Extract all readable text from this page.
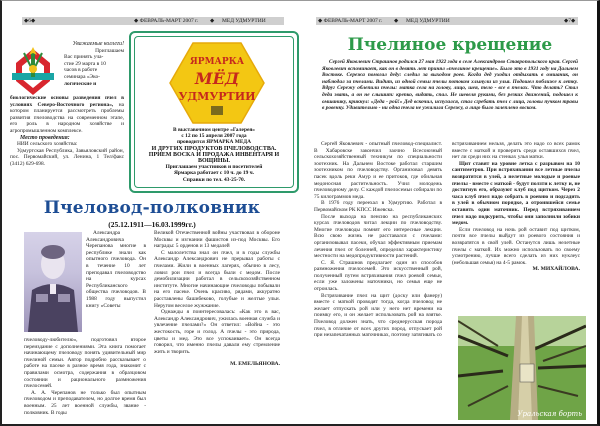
◆6◆	◆ ФЕВРАЛЬ-МАРТ 2007 г. ◆ МЕД УДМУРТИИ
Уважаемые коллеги!
Приглашаем
Вас принять уча-
стие 29 марта в 10
часов в работе
семинара «Эко-
логические и
биологические основы разведения пчел в условиях Северо-Восточного региона», на котором планируется рассмотреть проблемы развития пчеловодства на современном этапе, его роль в народном хозяйстве и агропромышленном комплексе.
Место проведения:

НИИ сельского хозяйства:

Удмуртская Республика, Завьяловский район, пос. Первомайский, ул. Ленина, 1 Тел/факс (3412) 629-698.

ЯРМАРКА
МЁД
УДМУРТИИ
В выставочном центре «Галерея»
с 12 по 15 апреля 2007 года
проводится ЯРМАРКА МЕДА
И ДРУГИХ ПРОДУКТОВ ПЧЕЛОВОДСТВА.
ПРИЕМ ВОСКА И ПРОДАЖА ИНВЕНТАРЯ И
ВОЩИНЫ.
Приглашаем участников и посетителей
Ярмарка работает с 10 ч. до 19 ч.
Справки по тел. 43-25-70.
Пчеловод-полковник
(25.12.1911—16.03.1999гг.)

Александра Александровича Черепанова многие в республике знали как опытного пчеловода. Он в течение 10 лет преподавал пчеловодство на курсах Республиканского общества пчеловодов. В 1988 году выпустил книгу «Советы

пчеловоду-любителю», подготовил второе переиздание с дополнениями. Эта книга помогает начинающему пчеловоду понять удивительный мир пчелиной семьи. Автор подробно рассказывает о работе на пасеке в разное время года, знакомит с правилами осмотра, содержания в образцовом состоянии и рационального размножения пчелосемей.

А. А. Черепанов не только был опытным пчеловодом и преподавателем, но долгое время был военным. 25 лет военной службы, звание - полковник. В годы

Великой Отечественной войны участвовал в обороне Москвы и изгнании фашистов из-под Москвы. Его награды: 5 орденов и 13 медалей

С малолетства знал он пчел, и в годы службы Александр Александрович не прерывал работы с пчелами. Жили в военных лагерях, обычно в лесу, ловил рои пчел и всегда были с медом. После демобилизации работал в сельскохозяйственном институте. Многие начинающие пчеловоды побывали на его пасеке. Очень красиво, рядами, аккуратно расставлены башибеково, голубые и желтые ульи. Неругом веселое жужжание.

Однажды я поинтересовалась: «Как это в вас, Александр Александрович, ужилась военная служба и увлечение пчелами?» Он ответил: «Война - это жестокость, горе и голод. А пчелы - это природа, цветы и мед. Это все успокаивает». Он всегда говорил, что именно пчелы давали ему стремление жить и творить.

М. ЕМЕЛЬЯНОВА.
◆ ФЕВРАЛЬ-МАРТ 2007 г. ◆ МЕД УДМУРТИИ	◆7◆
Пчелиное крещение

Сергей Яковлевич Страшнов родился 27 мая 1922 года в селе Александрово Ставропольского края. Сергей Яковлевич вспоминает, как он в девять лет принял «пчелиное крещение». Было это в 1931 году на Дальнем Востоке. Сережа помогал деду: следил за выходом роев. Когда дед уходил отдыхать в омшаник, он наблюдал за пчелами. Видит, из одной семьи пчелы потоком хлынули из улья. Подошел поближе к летку. Вдруг Сережу облепили пчелы: матка села на голову, лицо, шея, тело - все в пчелах. Что делать? Стал деда звать, а он не слышит: крепко, видать, спал. Не шевеля руками, без резких движений, подошел к омшанику, крикнул: «Деда - рой!» Дед вскочил, испугался, стал сгребать пчел с лица, головы пучком травы в ровенку. Удивительно - ни одна пчела не ужалила Сережу, а лицо было залеплено воском.

Сергей Яковлевич - опытный пчеловод-специалист. В Хабаровске закончил заочно Всесоюзный сельскохозяйственный техникум по специальности зоотехник. На Дальнем Востоке работал старшим зоотехником по пчеловодству. Организовал девять пасек вдоль реки Амур и ее притоков, где обильная медоносная растительность. Учил молодежь пчеловодному делу. С каждой пчелосемьи собирали по 75 килограммов меда.

В 1976 году переехал в Удмуртию. Работал в Первомайском РК КПСС Ижевска.

После выхода на пенсию на республиканских курсах пчеловодов читал лекции по пчеловодству. Многие пчеловоды помнят его интересные лекции. Всю свою жизнь не расставался с пчелами: организовывал пасеки, обучал эффективным приемам лечения пчел от болезней, определял характеристику местности на медопродуктивности растений.

С. Я. Страшнов предлагает один из способов размножения пчелосемей. Это искусственный рой, полученный путем встряхивания пчел роевой семьи, если уже заложены маточники, но семья еще не отроилась.

Встряхивание пчел на щит (доску или фанеру) вместе с маткой проводят тогда, когда пчеловод не желает отпускать рой или у него нет времени на поимку его, и он желает использовать рой на взятке. Пчеловод должен знать, что среднерусская порода пчел, в отличие от всех других пород, отпускает рой при незапечатанных маточниках, поэтому затягивать со

встряхиванием нельзя, делать это надо со всех рамок вместе с маткой и проверить среди оставшихся пчел, нет ли среди них на стенках улья матки.

Щит ставят на уровне летка с разрывом на 10 сантиметров. При встряхивании все летные пчелы возвратятся в улей, а нелетные молодые и роевые пчелы - вместе с маткой - будут ползти к летку и, не достигнув его, образуют клуб под щитком. Через 2 часа клуб пчел надо собрать в роевню и подсадить в улей в обычном порядке, а отроившейся семье оставить один маточник. Перед встряхиванием пчел надо подкурить, чтобы они заполнили зобики медом.

Если пчеловод на ночь рой оставит под щитком, почти все пчелы выйдут из роевого состояния и возвратятся в свой улей. Останутся лишь нелетные пчелы с маткой. Их можно использовать по своему усмотрению, лучше всего сделать из них нуклеус (небольшая семья) на 4-5 рамок.

М. МИХАЙЛОВА.
Уральская борть
